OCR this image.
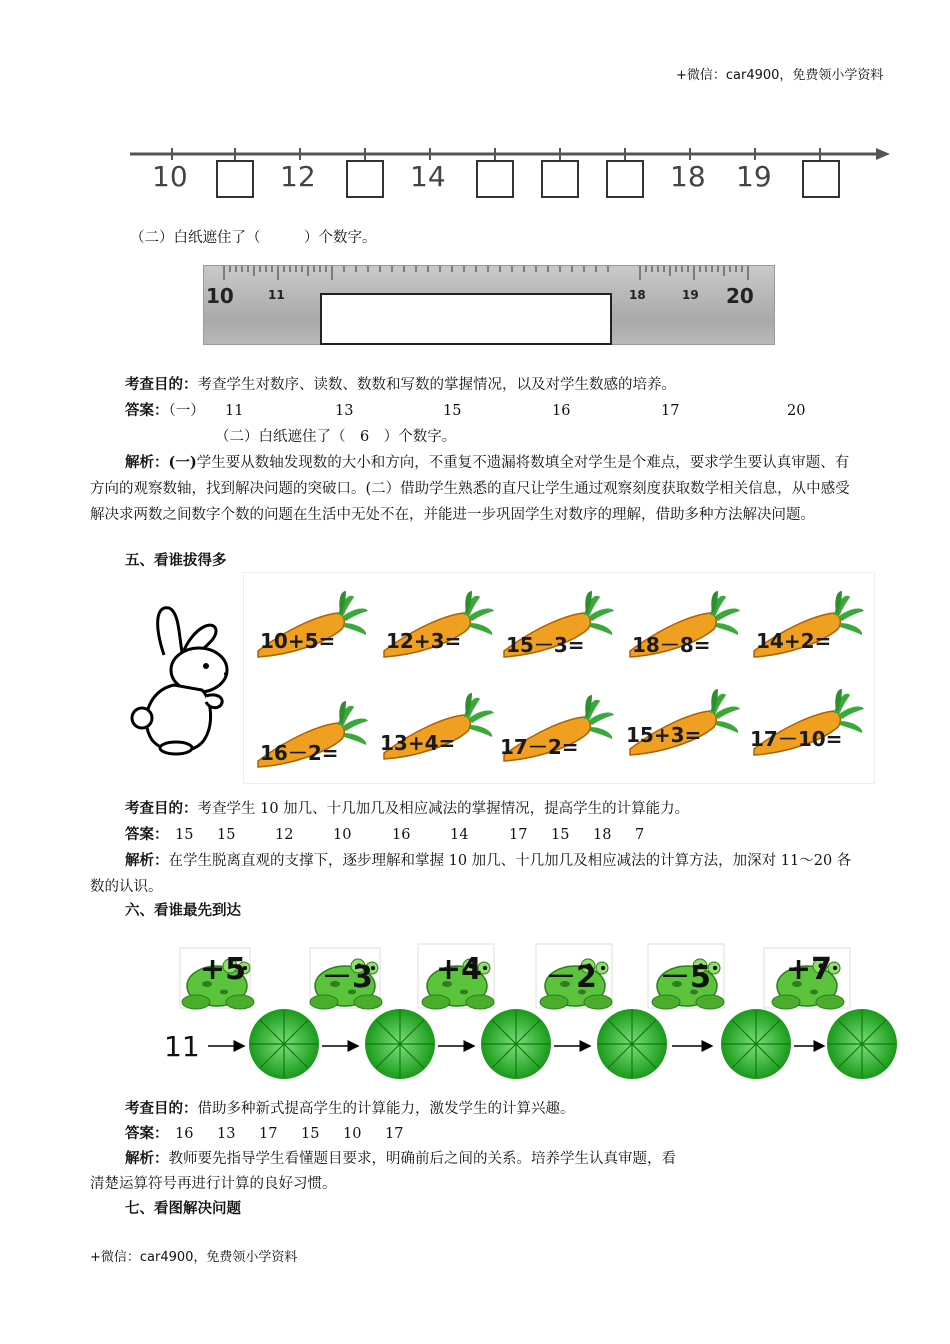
+微信：car4900，免费领小学资料
10	12	14	18 19
（二）白纸遮住了（　　　）个数字。
10	11	18	19 20
考查目的：考查学生对数序、读数、数数和写数的掌握情况，以及对学生数感的培养。
答案：（一） 11	13	15	16	17	20
（二）白纸遮住了（　6　）个数字。
解析：(一)学生要从数轴发现数的大小和方向，不重复不遗漏将数填全对学生是个难点，要求学生要认真审题、有方向的观察数轴，找到解决问题的突破口。(二）借助学生熟悉的直尺让学生通过观察刻度获取数学相关信息，从中感受解决求两数之间数字个数的问题在生活中无处不在，并能进一步巩固学生对数序的理解，借助多种方法解决问题。
五、看谁拔得多
10+5=	12+3= 15－3= 18－8= 14+2=
16－2= 13+4= 17－2= 15+3= 17－10=
考查目的：考查学生 10 加几、十几加几及相应减法的掌握情况，提高学生的计算能力。
答案： 15 15	12	10	16	14	17 15 18 7
解析：在学生脱离直观的支撑下，逐步理解和掌握 10 加几、十几加几及相应减法的计算方法，加深对 11～20 各数的认识。
六、看谁最先到达
+5	－3 +4 －2 －5	+7
11
考查目的：借助多种新式提高学生的计算能力，激发学生的计算兴趣。
答案： 16 13 17 15 10 17
解析：教师要先指导学生看懂题目要求，明确前后之间的关系。培养学生认真审题，看
清楚运算符号再进行计算的良好习惯。
七、看图解决问题
+微信：car4900，免费领小学资料
